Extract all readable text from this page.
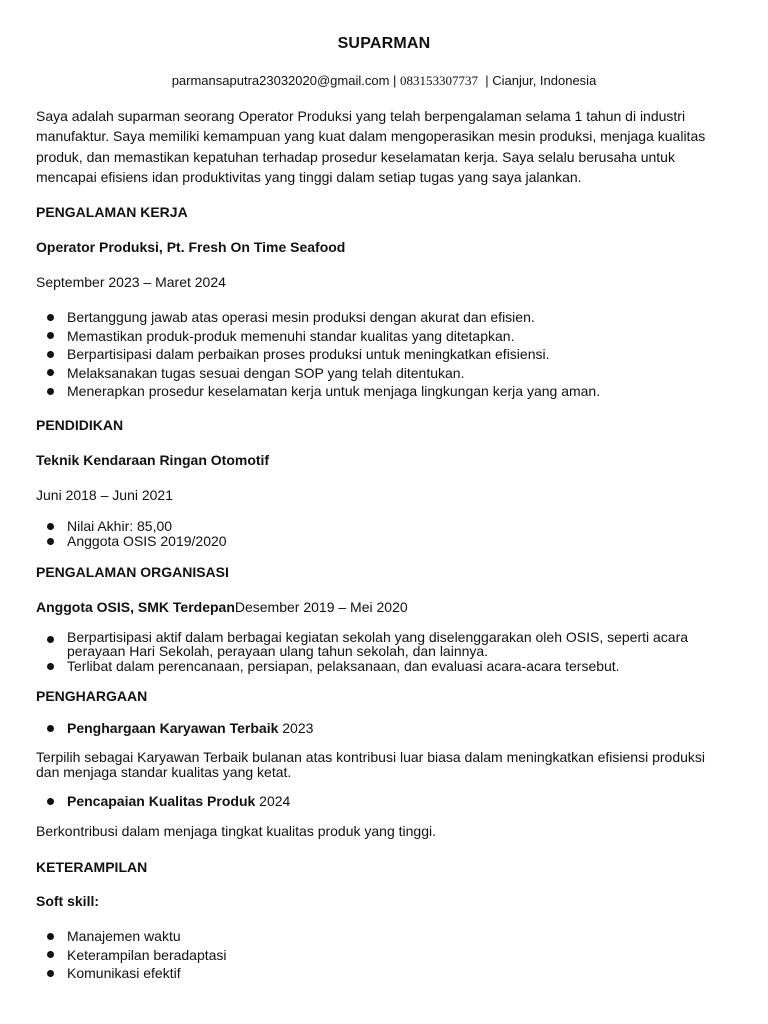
SUPARMAN
parmansaputra23032020@gmail.com | 083153307737  | Cianjur, Indonesia
Saya adalah suparman seorang Operator Produksi yang telah berpengalaman selama 1 tahun di industri manufaktur. Saya memiliki kemampuan yang kuat dalam mengoperasikan mesin produksi, menjaga kualitas produk, dan memastikan kepatuhan terhadap prosedur keselamatan kerja. Saya selalu berusaha untuk mencapai efisiens idan produktivitas yang tinggi dalam setiap tugas yang saya jalankan.
PENGALAMAN KERJA
Operator Produksi, Pt. Fresh On Time Seafood
September 2023 – Maret 2024
Bertanggung jawab atas operasi mesin produksi dengan akurat dan efisien.
Memastikan produk-produk memenuhi standar kualitas yang ditetapkan.
Berpartisipasi dalam perbaikan proses produksi untuk meningkatkan efisiensi.
Melaksanakan tugas sesuai dengan SOP yang telah ditentukan.
Menerapkan prosedur keselamatan kerja untuk menjaga lingkungan kerja yang aman.
PENDIDIKAN
Teknik Kendaraan Ringan Otomotif
Juni 2018 – Juni 2021
Nilai Akhir: 85,00
Anggota OSIS 2019/2020
PENGALAMAN ORGANISASI
Anggota OSIS, SMK TerdepanDesember 2019 – Mei 2020
Berpartisipasi aktif dalam berbagai kegiatan sekolah yang diselenggarakan oleh OSIS, seperti acara perayaan Hari Sekolah, perayaan ulang tahun sekolah, dan lainnya.
Terlibat dalam perencanaan, persiapan, pelaksanaan, dan evaluasi acara-acara tersebut.
PENGHARGAAN
Penghargaan Karyawan Terbaik 2023
Terpilih sebagai Karyawan Terbaik bulanan atas kontribusi luar biasa dalam meningkatkan efisiensi produksi dan menjaga standar kualitas yang ketat.
Pencapaian Kualitas Produk 2024
Berkontribusi dalam menjaga tingkat kualitas produk yang tinggi.
KETERAMPILAN
Soft skill:
Manajemen waktu
Keterampilan beradaptasi
Komunikasi efektif
